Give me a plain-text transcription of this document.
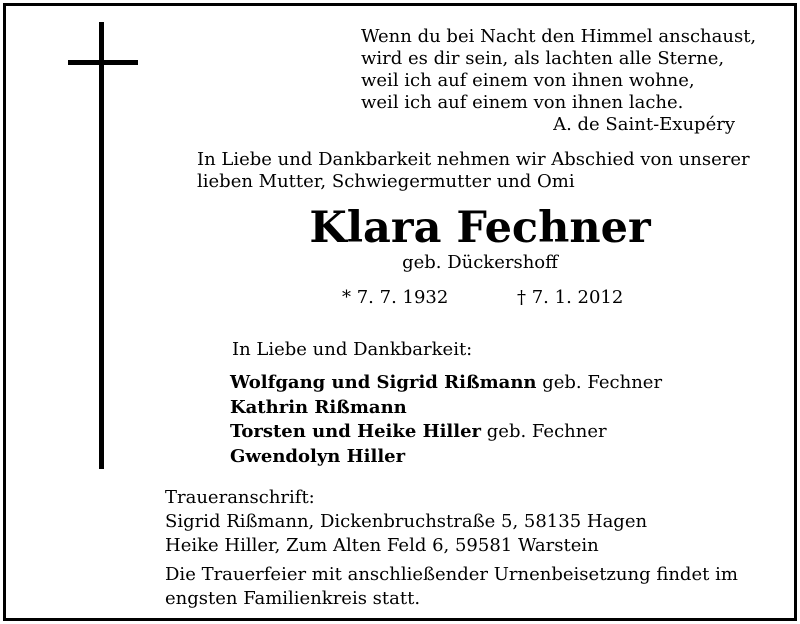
Wenn du bei Nacht den Himmel anschaust,
wird es dir sein, als lachten alle Sterne,
weil ich auf einem von ihnen wohne,
weil ich auf einem von ihnen lache.

A. de Saint-Exupéry

In Liebe und Dankbarkeit nehmen wir Abschied von unserer
lieben Mutter, Schwiegermutter und Omi

Klara Fechner

geb. Dückershoff

* 7. 7. 1932	† 7. 1. 2012

In Liebe und Dankbarkeit:

Wolfgang und Sigrid Rißmann geb. Fechner
Kathrin Rißmann
Torsten und Heike Hiller geb. Fechner
Gwendolyn Hiller

Traueranschrift:
Sigrid Rißmann, Dickenbruchstraße 5, 58135 Hagen
Heike Hiller, Zum Alten Feld 6, 59581 Warstein

Die Trauerfeier mit anschließender Urnenbeisetzung findet im
engsten Familienkreis statt.
